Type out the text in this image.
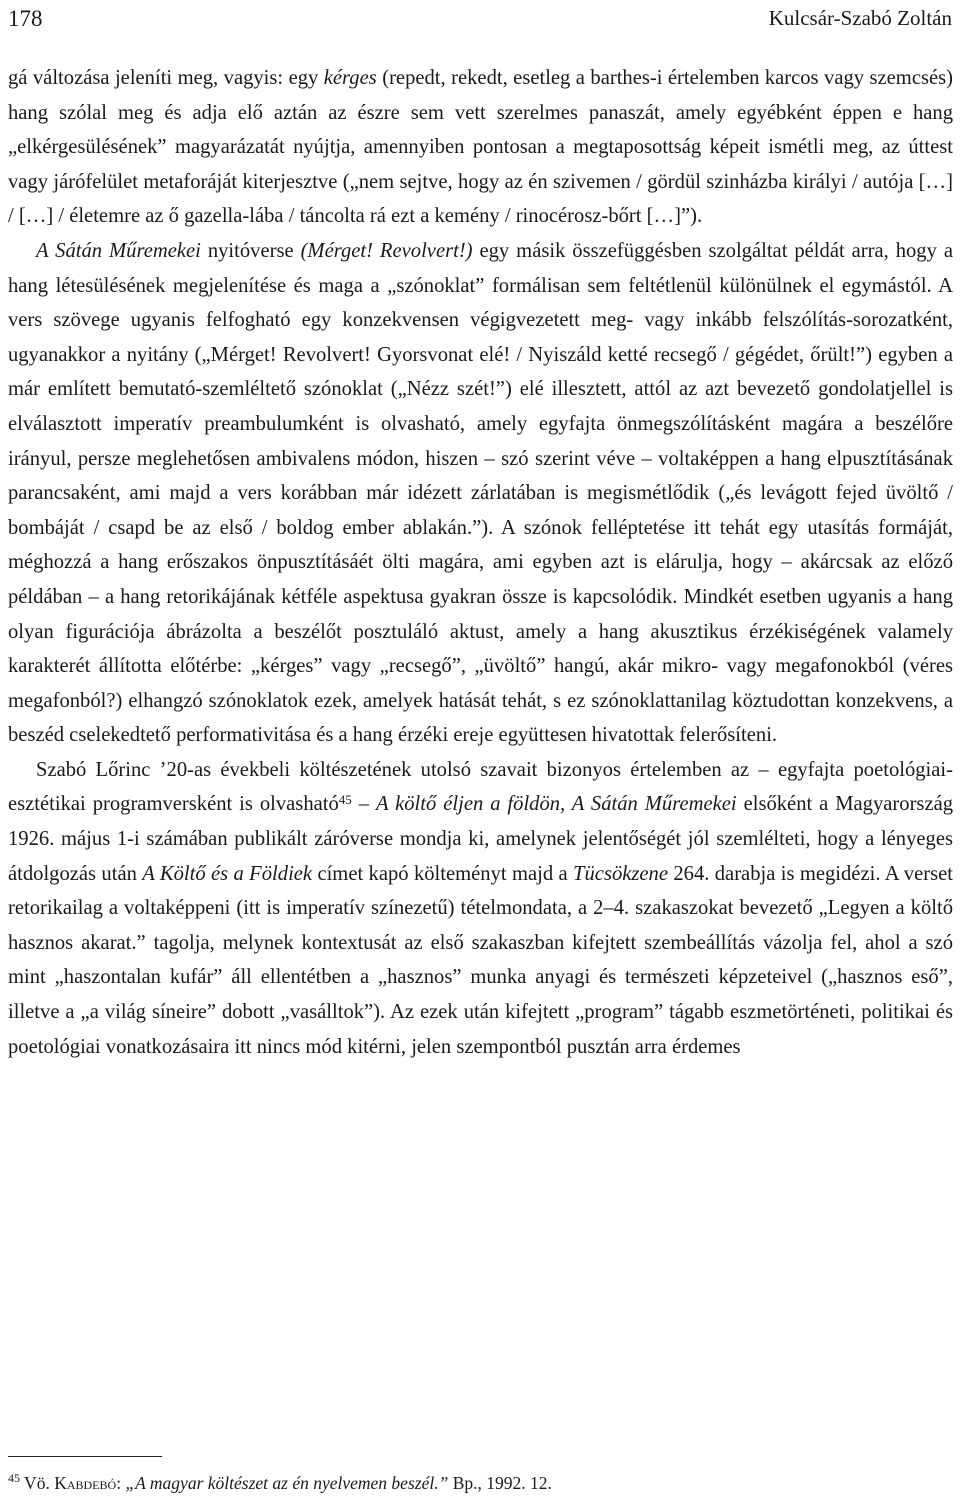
178	Kulcsár-Szabó Zoltán

gá változása jeleníti meg, vagyis: egy kérges (repedt, rekedt, esetleg a barthes-i értelemben karcos vagy szemcsés) hang szólal meg és adja elő aztán az észre sem vett szerelmes panaszát, amely egyébként éppen e hang „elkérgesülésének” magyarázatát nyújtja, amennyiben pontosan a megtaposottság képeit ismétli meg, az úttest vagy járófelület metaforáját kiterjesztve („nem sejtve, hogy az én szivemen / gördül szinházba királyi / autója […] / […] / életemre az ő gazella-lába / táncolta rá ezt a kemény / rinocérosz-bőrt […]”).

A Sátán Műremekei nyitóverse (Mérget! Revolvert!) egy másik összefüggésben szolgáltat példát arra, hogy a hang létesülésének megjelenítése és maga a „szónoklat” formálisan sem feltétlenül különülnek el egymástól. A vers szövege ugyanis felfogható egy konzekvensen végigvezetett meg- vagy inkább felszólítás-sorozatként, ugyanakkor a nyitány („Mérget! Revolvert! Gyorsvonat elé! / Nyiszáld ketté recsegő / gégédet, őrült!”) egyben a már említett bemutató-szemléltető szónoklat („Nézz szét!”) elé illesztett, attól az azt bevezető gondolatjellel is elválasztott imperatív preambulumként is olvasható, amely egyfajta önmegszólításként magára a beszélőre irányul, persze meglehetősen ambivalens módon, hiszen – szó szerint véve – voltaképpen a hang elpusztításának parancsaként, ami majd a vers korábban már idézett zárlatában is megismétlődik („és levágott fejed üvöltő / bombáját / csapd be az első / boldog ember ablakán.”). A szónok felléptetése itt tehát egy utasítás formáját, méghozzá a hang erőszakos önpusztításáét ölti magára, ami egyben azt is elárulja, hogy – akárcsak az előző példában – a hang retorikájának kétféle aspektusa gyakran össze is kapcsolódik. Mindkét esetben ugyanis a hang olyan figurációja ábrázolta a beszélőt posztuláló aktust, amely a hang akusztikus érzékiségének valamely karakterét állította előtérbe: „kérges” vagy „recsegő”, „üvöltő” hangú, akár mikro- vagy megafonokból (véres megafonból?) elhangzó szónoklatok ezek, amelyek hatását tehát, s ez szónoklattanilag köztudottan konzekvens, a beszéd cselekedtető performativitása és a hang érzéki ereje együttesen hivatottak felerősíteni.

Szabó Lőrinc ’20-as évekbeli költészetének utolsó szavait bizonyos értelemben az – egyfajta poetológiai-esztétikai programversként is olvasható$^{45}$ – A költő éljen a földön, A Sátán Műremekei elsőként a Magyarország 1926. május 1-i számában publikált záróverse mondja ki, amelynek jelentőségét jól szemlélteti, hogy a lényeges átdolgozás után A Költő és a Földiek címet kapó költeményt majd a Tücsökzene 264. darabja is megidézi. A verset retorikailag a voltaképpeni (itt is imperatív színezetű) tételmondata, a 2–4. szakaszokat bevezető „Legyen a költő hasznos akarat.” tagolja, melynek kontextusát az első szakaszban kifejtett szembeállítás vázolja fel, ahol a szó mint „haszontalan kufár” áll ellentétben a „hasznos” munka anyagi és természeti képzeteivel („hasznos eső”, illetve a „a világ síneire” dobott „vasálltok”). Az ezek után kifejtett „program” tágabb eszmetörténeti, politikai és poetológiai vonatkozásaira itt nincs mód kitérni, jelen szempontból pusztán arra érdemes

$^{45}$ Vö. Kabdebó: „A magyar költészet az én nyelvemen beszél.” Bp., 1992. 12.
